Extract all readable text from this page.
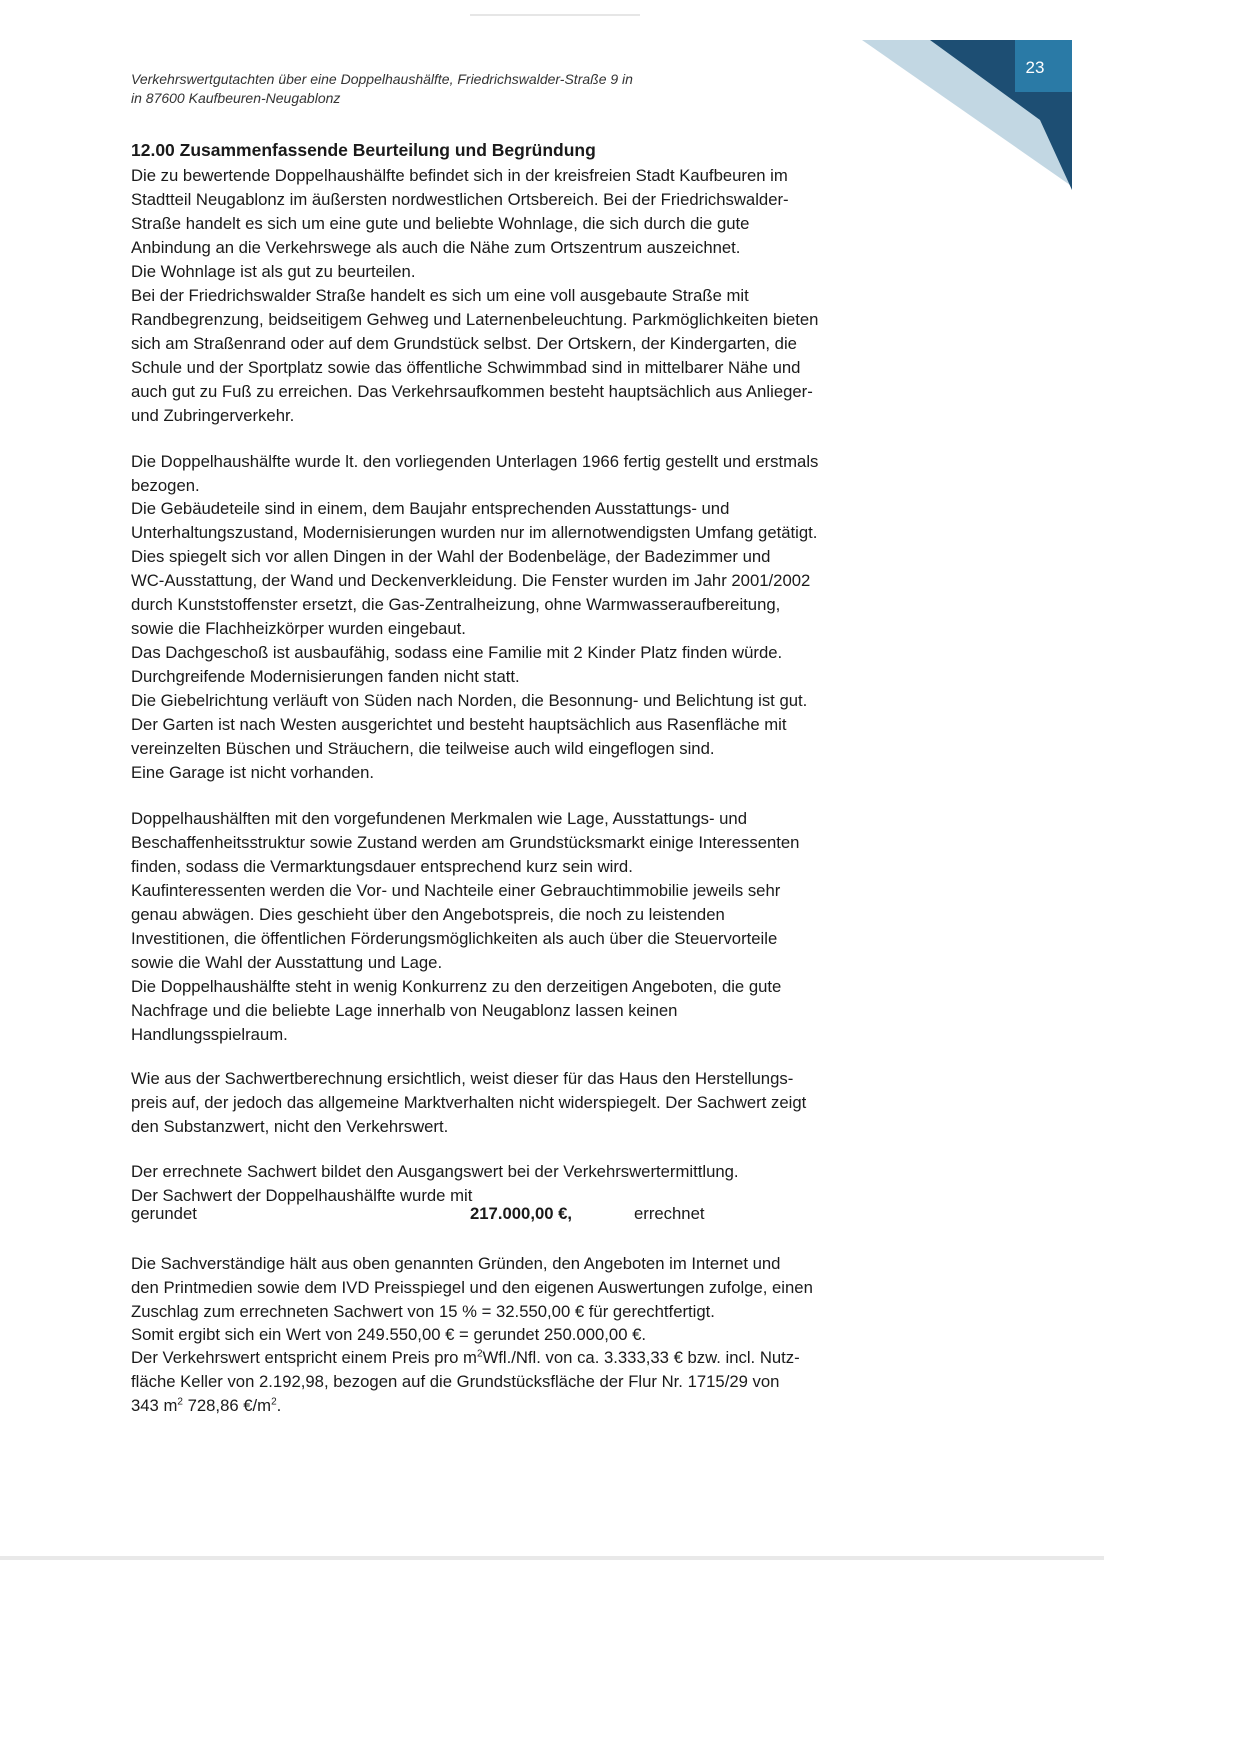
Verkehrswertgutachten über eine Doppelhaushälfte, Friedrichswalder-Straße 9 in
in 87600 Kaufbeuren-Neugablonz
23
12.00 Zusammenfassende Beurteilung und Begründung
Die zu bewertende Doppelhaushälfte befindet sich in der kreisfreien Stadt Kaufbeuren im
Stadtteil Neugablonz im äußersten nordwestlichen Ortsbereich. Bei der Friedrichswalder-
Straße handelt es sich um eine gute und beliebte Wohnlage, die sich durch die gute
Anbindung an die Verkehrswege als auch die Nähe zum Ortszentrum auszeichnet.
Die Wohnlage ist als gut zu beurteilen.
Bei der Friedrichswalder Straße handelt es sich um eine voll ausgebaute Straße mit
Randbegrenzung, beidseitigem Gehweg und Laternenbeleuchtung. Parkmöglichkeiten bieten
sich am Straßenrand oder auf dem Grundstück selbst. Der Ortskern, der Kindergarten, die
Schule und der Sportplatz sowie das öffentliche Schwimmbad sind in mittelbarer Nähe und
auch gut zu Fuß zu erreichen. Das Verkehrsaufkommen besteht hauptsächlich aus Anlieger-
und Zubringerverkehr.
Die Doppelhaushälfte wurde lt. den vorliegenden Unterlagen 1966 fertig gestellt und erstmals
bezogen.
Die Gebäudeteile sind in einem, dem Baujahr entsprechenden Ausstattungs- und
Unterhaltungszustand, Modernisierungen wurden nur im allernotwendigsten Umfang getätigt.
Dies spiegelt sich vor allen Dingen in der Wahl der Bodenbeläge, der Badezimmer und
WC-Ausstattung, der Wand und Deckenverkleidung. Die Fenster wurden im Jahr 2001/2002
durch Kunststoffenster ersetzt, die Gas-Zentralheizung, ohne Warmwasseraufbereitung,
sowie die Flachheizkörper wurden eingebaut.
Das Dachgeschoß ist ausbaufähig, sodass eine Familie mit 2 Kinder Platz finden würde.
Durchgreifende Modernisierungen fanden nicht statt.
Die Giebelrichtung verläuft von Süden nach Norden, die Besonnung- und Belichtung ist gut.
Der Garten ist nach Westen ausgerichtet und besteht hauptsächlich aus Rasenfläche mit
vereinzelten Büschen und Sträuchern, die teilweise auch wild eingeflogen sind.
Eine Garage ist nicht vorhanden.
Doppelhaushälften mit den vorgefundenen Merkmalen wie Lage, Ausstattungs- und
Beschaffenheitsstruktur sowie Zustand werden am Grundstücksmarkt einige Interessenten
finden, sodass die Vermarktungsdauer entsprechend kurz sein wird.
Kaufinteressenten werden die Vor- und Nachteile einer Gebrauchtimmobilie jeweils sehr
genau abwägen. Dies geschieht über den Angebotspreis, die noch zu leistenden
Investitionen, die öffentlichen Förderungsmöglichkeiten als auch über die Steuervorteile
sowie die Wahl der Ausstattung und Lage.
Die Doppelhaushälfte steht in wenig Konkurrenz zu den derzeitigen Angeboten, die gute
Nachfrage und die beliebte Lage innerhalb von Neugablonz lassen keinen
Handlungsspielraum.
Wie aus der Sachwertberechnung ersichtlich, weist dieser für das Haus den Herstellungs-
preis auf, der jedoch das allgemeine Marktverhalten nicht widerspiegelt. Der Sachwert zeigt
den Substanzwert, nicht den Verkehrswert.
Der errechnete Sachwert bildet den Ausgangswert bei der Verkehrswertermittlung.
Der Sachwert der Doppelhaushälfte wurde mit
Die Sachverständige hält aus oben genannten Gründen, den Angeboten im Internet und
den Printmedien sowie dem IVD Preisspiegel und den eigenen Auswertungen zufolge, einen
Zuschlag zum errechneten Sachwert von 15 % = 32.550,00 € für gerechtfertigt.
Somit ergibt sich ein Wert von 249.550,00 € = gerundet 250.000,00 €.
gerundet	217.000,00 €,	errechnet
Der Verkehrswert entspricht einem Preis pro $m^2Wfl$./Nfl. von ca. 3.333,33 € bzw. incl. Nutz-
fläche Keller von 2.192,98, bezogen auf die Grundstücksfläche der Flur Nr. 1715/29 von
343 $m^2$ 728,86 $€/m^2$.
